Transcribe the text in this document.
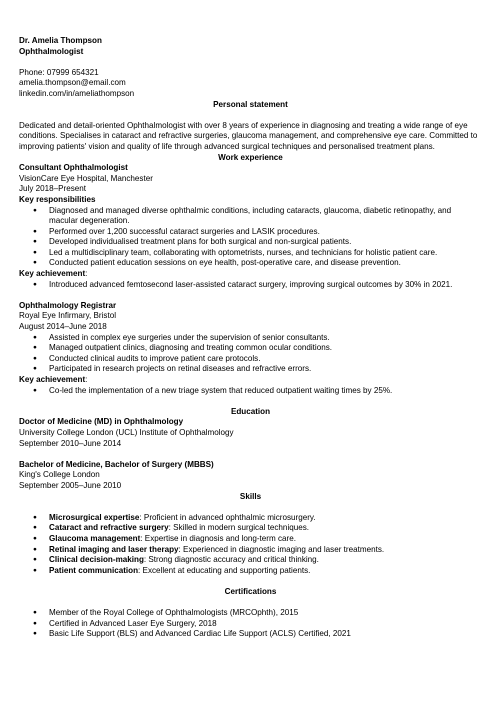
Dr. Amelia Thompson
Ophthalmologist
Phone: 07999 654321
amelia.thompson@email.com
linkedin.com/in/ameliathompson
Personal statement

Dedicated and detail-oriented Ophthalmologist with over 8 years of experience in diagnosing and treating a wide range of eye conditions. Specialises in cataract and refractive surgeries, glaucoma management, and comprehensive eye care. Committed to improving patients' vision and quality of life through advanced surgical techniques and personalised treatment plans.

Work experience
Consultant Ophthalmologist
VisionCare Eye Hospital, Manchester
July 2018–Present
Key responsibilities
● Diagnosed and managed diverse ophthalmic conditions, including cataracts, glaucoma, diabetic retinopathy, and macular degeneration.
● Performed over 1,200 successful cataract surgeries and LASIK procedures.
● Developed individualised treatment plans for both surgical and non-surgical patients.
● Led a multidisciplinary team, collaborating with optometrists, nurses, and technicians for holistic patient care.
● Conducted patient education sessions on eye health, post-operative care, and disease prevention.
Key achievement:
● Introduced advanced femtosecond laser-assisted cataract surgery, improving surgical outcomes by 30% in 2021.
Ophthalmology Registrar
Royal Eye Infirmary, Bristol
August 2014–June 2018
● Assisted in complex eye surgeries under the supervision of senior consultants.
● Managed outpatient clinics, diagnosing and treating common ocular conditions.
● Conducted clinical audits to improve patient care protocols.
● Participated in research projects on retinal diseases and refractive errors.
Key achievement:
● Co-led the implementation of a new triage system that reduced outpatient waiting times by 25%.
Education
Doctor of Medicine (MD) in Ophthalmology
University College London (UCL) Institute of Ophthalmology
September 2010–June 2014
Bachelor of Medicine, Bachelor of Surgery (MBBS)
King's College London
September 2005–June 2010
Skills
● Microsurgical expertise: Proficient in advanced ophthalmic microsurgery.
● Cataract and refractive surgery: Skilled in modern surgical techniques.
● Glaucoma management: Expertise in diagnosis and long-term care.
● Retinal imaging and laser therapy: Experienced in diagnostic imaging and laser treatments.
● Clinical decision-making: Strong diagnostic accuracy and critical thinking.
● Patient communication: Excellent at educating and supporting patients.
Certifications
● Member of the Royal College of Ophthalmologists (MRCOphth), 2015
● Certified in Advanced Laser Eye Surgery, 2018
● Basic Life Support (BLS) and Advanced Cardiac Life Support (ACLS) Certified, 2021
